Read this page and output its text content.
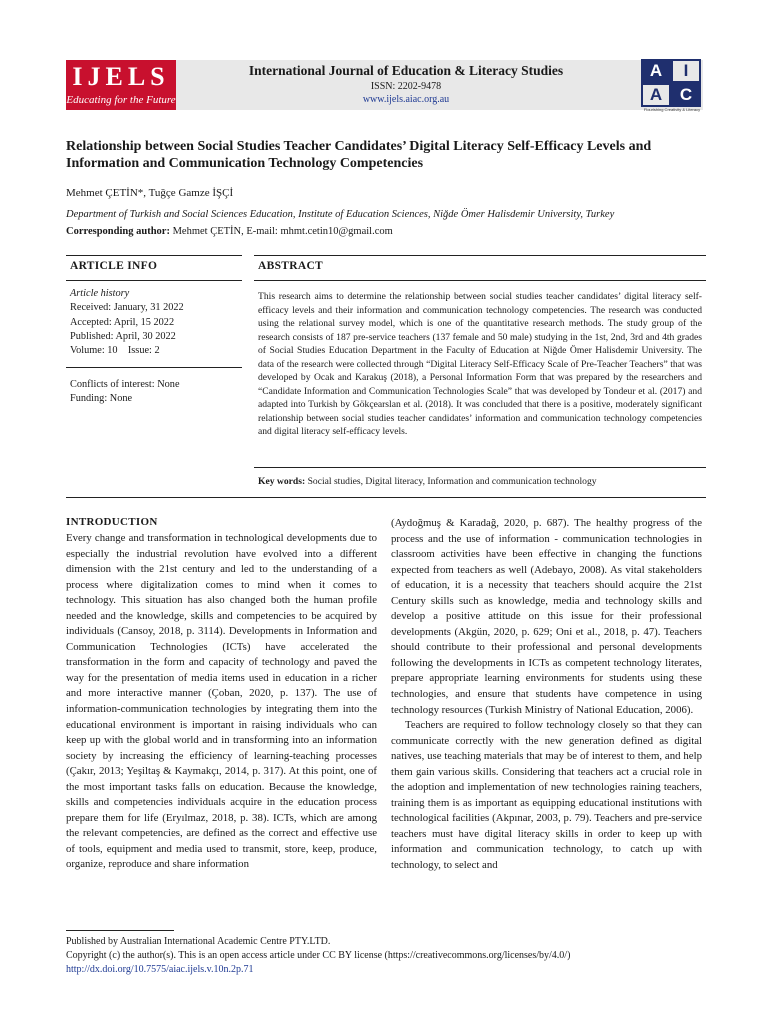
IJELS
Educating for the Future
International Journal of Education & Literacy Studies
ISSN: 2202-9478
www.ijels.aiac.org.au
A	I
A	C
Flourishing Creativity & Literacy
Relationship between Social Studies Teacher Candidates’ Digital Literacy Self-Efficacy Levels and Information and Communication Technology Competencies
Mehmet ÇETİN*, Tuğçe Gamze İŞÇİ
Department of Turkish and Social Sciences Education, Institute of Education Sciences, Niğde Ömer Halisdemir University, Turkey
Corresponding author: Mehmet ÇETİN, E-mail: mhmt.cetin10@gmail.com
ARTICLE INFO	ABSTRACT
Article history
Received: January, 31 2022
Accepted: April, 15 2022
Published: April, 30 2022
Volume: 10    Issue: 2
Conflicts of interest: None
Funding: None
This research aims to determine the relationship between social studies teacher candidates’ digital literacy self-efficacy levels and their information and communication technology competencies. The research was conducted using the relational survey model, which is one of the quantitative research methods. The study group of the research consists of 187 pre-service teachers (137 female and 50 male) studying in the 1st, 2nd, 3rd and 4th grades of Social Studies Education Department in the Faculty of Education at Niğde Ömer Halisdemir University. The data of the research were collected through “Digital Literacy Self-Efficacy Scale of Pre-Teacher Teachers” that was developed by Ocak and Karakuş (2018), a Personal Information Form that was prepared by the researchers and “Candidate Information and Communication Technologies Scale” that was developed by Tondeur et al. (2017) and adapted into Turkish by Gökçearslan et al. (2018). It was concluded that there is a positive, moderately significant relationship between social studies teacher candidates’ information and communication technology competencies and digital literacy self-efficacy levels.
Key words: Social studies, Digital literacy, Information and communication technology
INTRODUCTION

Every change and transformation in technological developments due to especially the industrial revolution have evolved into a different dimension with the 21st century and led to the understanding of a process where digitalization comes to mind when it comes to technology. This situation has also changed both the human profile needed and the knowledge, skills and competencies to be acquired by individuals (Cansoy, 2018, p. 3114). Developments in Information and Communication Technologies (ICTs) have accelerated the transformation in the form and capacity of technology and paved the way for the presentation of media items used in education in a richer and more interactive manner (Çoban, 2020, p. 137). The use of information-communication technologies by integrating them into the educational environment is important in raising individuals who can keep up with the global world and in transforming into an information society by increasing the efficiency of learning-teaching processes (Çakır, 2013; Yeşiltaş & Kaymakçı, 2014, p. 317). At this point, one of the most important tasks falls on education. Because the knowledge, skills and competencies individuals acquire in the education process prepare them for life (Eryılmaz, 2018, p. 38). ICTs, which are among the relevant competencies, are defined as the correct and effective use of tools, equipment and media used to transmit, store, keep, produce, organize, reproduce and share information

(Aydoğmuş & Karadağ, 2020, p. 687). The healthy progress of the process and the use of information - communication technologies in classroom activities have been effective in changing the functions expected from teachers as well (Adebayo, 2008). As vital stakeholders of education, it is a necessity that teachers should acquire the 21st Century skills such as knowledge, media and technology skills and develop a positive attitude on this issue for their professional developments (Akgün, 2020, p. 629; Oni et al., 2018, p. 47). Teachers should contribute to their professional and personal developments following the developments in ICTs as competent technology literates, prepare appropriate learning environments for students using these technologies, and ensure that students have competence in using technology resources (Turkish Ministry of National Education, 2006).

Teachers are required to follow technology closely so that they can communicate correctly with the new generation defined as digital natives, use teaching materials that may be of interest to them, and help them gain various skills. Considering that teachers act a crucial role in the adoption and implementation of new technologies raining teachers, training them is as important as equipping educational institutions with technological facilities (Akpınar, 2003, p. 79). Teachers and pre-service teachers must have digital literacy skills in order to keep up with information and communication technology, to catch up with technology, to select and

Published by Australian International Academic Centre PTY.LTD.
Copyright (c) the author(s). This is an open access article under CC BY license (https://creativecommons.org/licenses/by/4.0/)
http://dx.doi.org/10.7575/aiac.ijels.v.10n.2p.71
